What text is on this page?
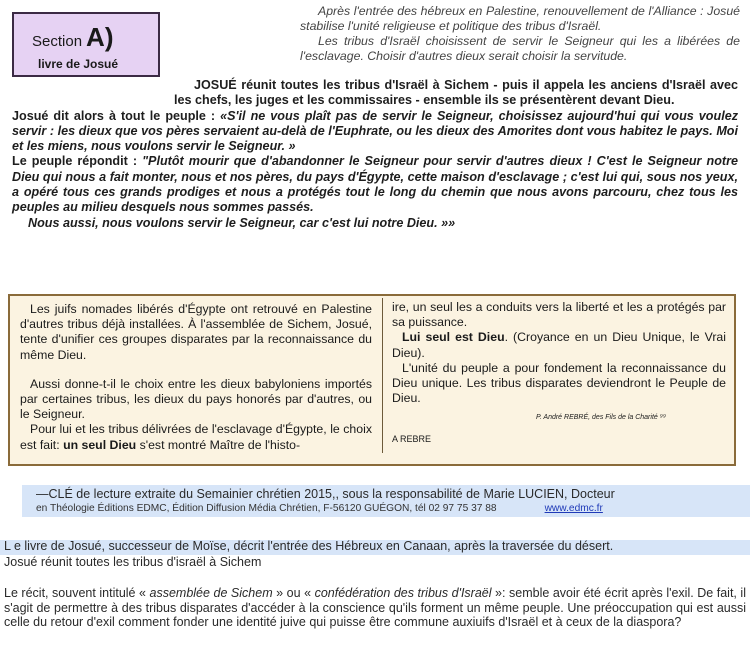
Section A)
livre de Josué

Après l'entrée des hébreux en Palestine, renouvellement de l'Alliance : Josué stabilise l'unité religieuse et politique des tribus d'Israël.

Les tribus d'Israël choisissent de servir le Seigneur qui les a libérées de l'esclavage. Choisir d'autres dieux serait choisir la servitude.

JOSUÉ réunit toutes les tribus d'Israël à Sichem - puis il appela les anciens d'Israël avec les chefs, les juges et les commissaires - ensemble ils se présentèrent devant Dieu.

Josué dit alors à tout le peuple : «S'il ne vous plaît pas de servir le Seigneur, choisissez aujourd'hui qui vous voulez servir : les dieux que vos pères servaient au-delà de l'Euphrate, ou les dieux des Amorites dont vous habitez le pays. Moi et les miens, nous voulons servir le Seigneur. »

Le peuple répondit : "Plutôt mourir que d'abandonner le Seigneur pour servir d'autres dieux ! C'est le Seigneur notre Dieu qui nous a fait monter, nous et nos pères, du pays d'Égypte, cette maison d'esclavage ; c'est lui qui, sous nos yeux, a opéré tous ces grands prodiges et nous a protégés tout le long du chemin que nous avons parcouru, chez tous les peuples au milieu desquels nous sommes passés.

Nous aussi, nous voulons servir le Seigneur, car c'est lui notre Dieu. »»

Les juifs nomades libérés d'Égypte ont retrouvé en Palestine d'autres tribus déjà installées. À l'assemblée de Sichem, Josué, tente d'unifier ces groupes disparates par la reconnaissance du même Dieu.

Aussi donne-t-il le choix entre les dieux babyloniens importés par certaines tribus, les dieux du pays honorés par d'autres, ou le Seigneur.

Pour lui et les tribus délivrées de l'esclavage d'Égypte, le choix est fait: un seul Dieu s'est montré Maître de l'histo-

ire, un seul les a conduits vers la liberté et les a protégés par sa puissance.

Lui seul est Dieu. (Croyance en un Dieu Unique, le Vrai Dieu).

L'unité du peuple a pour fondement la reconnaissance du Dieu unique. Les tribus disparates deviendront le Peuple de Dieu.

P. André REBRÉ, des Fils de la Charité ⁹⁹

A REBRE

—CLÉ de lecture extraite du Semainier chrétien 2015,, sous la responsabilité de Marie LUCIEN, Docteur
en Théologie Éditions EDMC, Édition Diffusion Média Chrétien, F-56120 GUÉGON, tél 02 97 75 37 88	www.edmc.fr
L e livre de Josué, successeur de Moïse, décrit l'entrée des Hébreux en Canaan, après la traversée du désert.
Josué réunit toutes les tribus d'israël à Sichem

Le récit, souvent intitulé « assemblée de Sichem » ou « confédération des tribus d'Israël »: semble avoir été écrit après l'exil. De fait, il s'agit de permettre à des tribus disparates d'accéder à la conscience qu'ils forment un même peuple. Une préoccupation qui est aussi celle du retour d'exil comment fonder une identité juive qui puisse être commune auxiuifs d'Israël et à ceux de la diaspora?
